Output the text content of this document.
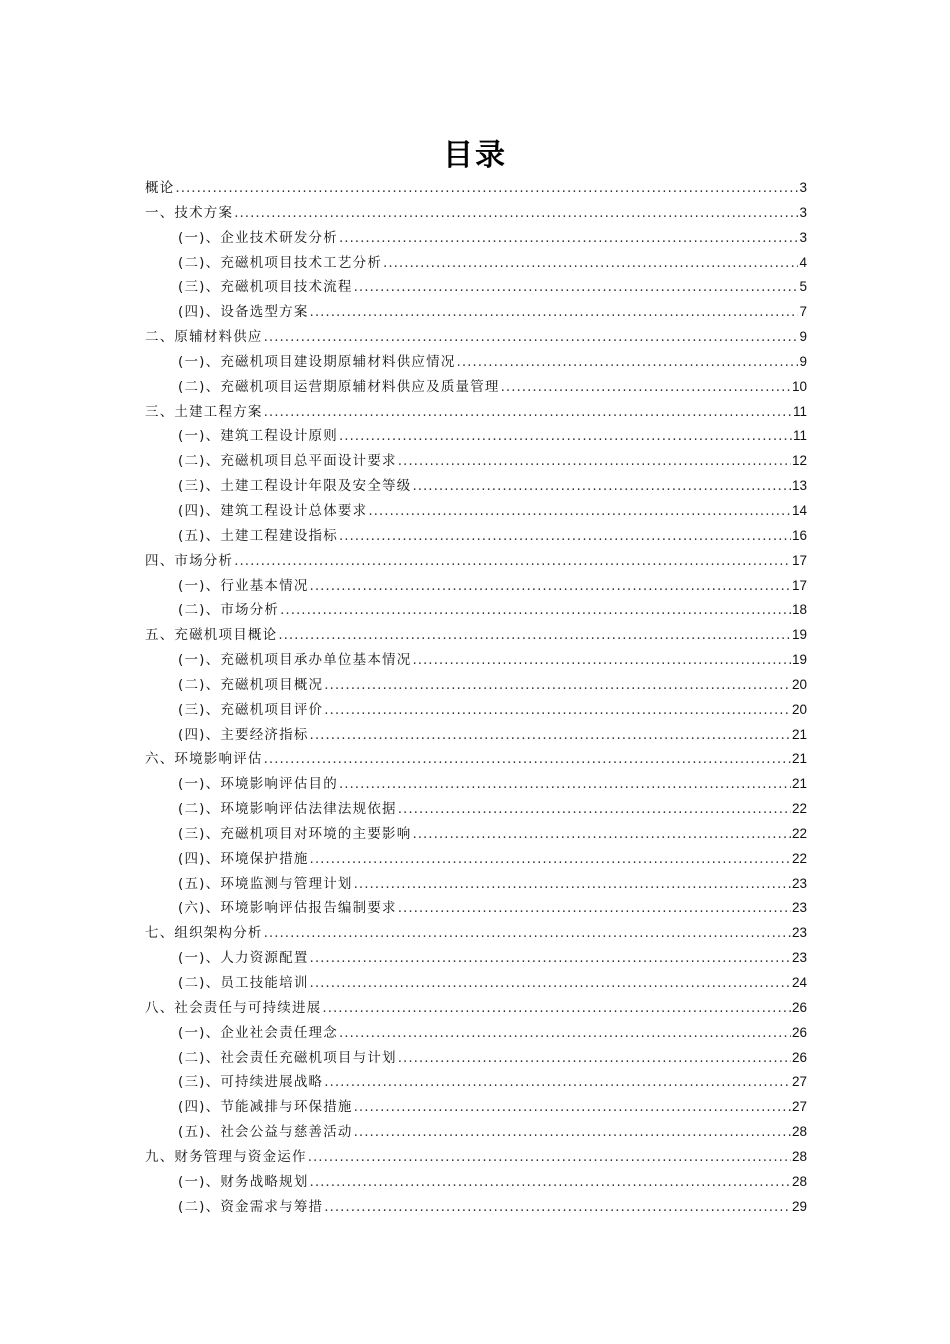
目录
概论 .....	3
一、技术方案 .....	3
(一)、企业技术研发分析 .....	3
(二)、充磁机项目技术工艺分析 .....	4
(三)、充磁机项目技术流程 .....	5
(四)、设备选型方案 .....	7
二、原辅材料供应 .....	9
(一)、充磁机项目建设期原辅材料供应情况 .....	9
(二)、充磁机项目运营期原辅材料供应及质量管理 .....	10
三、土建工程方案 .....	11
(一)、建筑工程设计原则 .....	11
(二)、充磁机项目总平面设计要求 .....	12
(三)、土建工程设计年限及安全等级 .....	13
(四)、建筑工程设计总体要求 .....	14
(五)、土建工程建设指标 .....	16
四、市场分析 .....	17
(一)、行业基本情况 .....	17
(二)、市场分析 .....	18
五、充磁机项目概论 .....	19
(一)、充磁机项目承办单位基本情况 .....	19
(二)、充磁机项目概况 .....	20
(三)、充磁机项目评价 .....	20
(四)、主要经济指标 .....	21
六、环境影响评估 .....	21
(一)、环境影响评估目的 .....	21
(二)、环境影响评估法律法规依据 .....	22
(三)、充磁机项目对环境的主要影响 .....	22
(四)、环境保护措施 .....	22
(五)、环境监测与管理计划 .....	23
(六)、环境影响评估报告编制要求 .....	23
七、组织架构分析 .....	23
(一)、人力资源配置 .....	23
(二)、员工技能培训 .....	24
八、社会责任与可持续进展 .....	26
(一)、企业社会责任理念 .....	26
(二)、社会责任充磁机项目与计划 .....	26
(三)、可持续进展战略 .....	27
(四)、节能减排与环保措施 .....	27
(五)、社会公益与慈善活动 .....	28
九、财务管理与资金运作 .....	28
(一)、财务战略规划 .....	28
(二)、资金需求与筹措 .....	29
